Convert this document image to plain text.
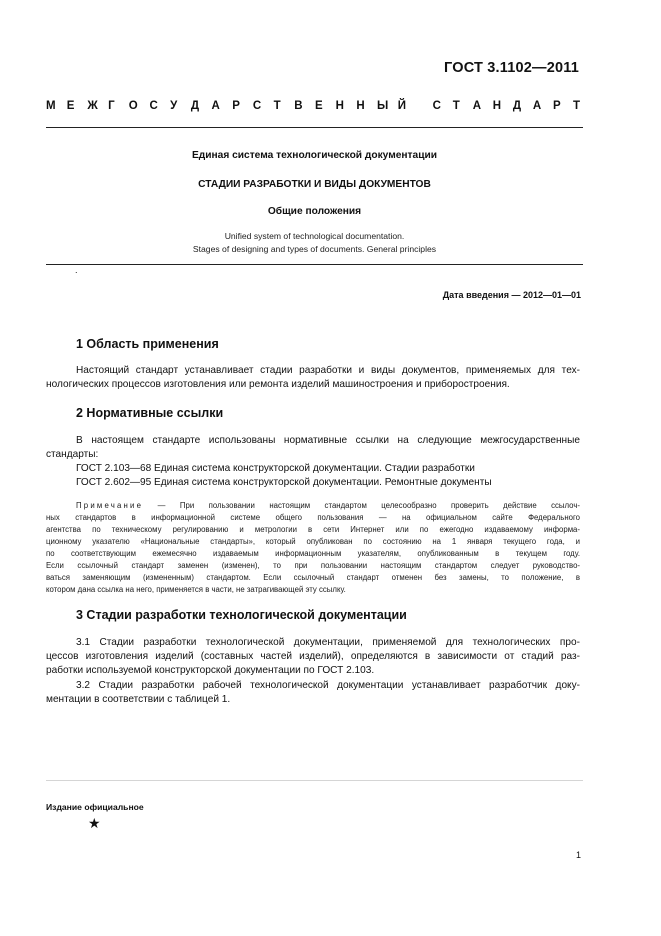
ГОСТ 3.1102—2011
М Е Ж Г О С У Д А Р С Т В Е Н Н Ы Й С Т А Н Д А Р Т
Единая система технологической документации
СТАДИИ РАЗРАБОТКИ И ВИДЫ ДОКУМЕНТОВ
Общие положения
Unified system of technological documentation.
Stages of designing and types of documents. General principles
.
Дата введения — 2012—01—01
1 Область применения
Настоящий стандарт устанавливает стадии разработки и виды документов, применяемых для тех-
нологических процессов изготовления или ремонта изделий машиностроения и приборостроения.
2 Нормативные ссылки
В настоящем стандарте использованы нормативные ссылки на следующие межгосударственные
стандарты:
ГОСТ 2.103—68 Единая система конструкторской документации. Стадии разработки
ГОСТ 2.602—95 Единая система конструкторской документации. Ремонтные документы
Примечание — При пользовании настоящим стандартом целесообразно проверить действие ссылоч-
ных стандартов в информационной системе общего пользования — на официальном сайте Федерального
агентства по техническому регулированию и метрологии в сети Интернет или по ежегодно издаваемому информа-
ционному указателю «Национальные стандарты», который опубликован по состоянию на 1 января текущего года, и
по соответствующим ежемесячно издаваемым информационным указателям, опубликованным в текущем году.
Если ссылочный стандарт заменен (изменен), то при пользовании настоящим стандартом следует руководство-
ваться заменяющим (измененным) стандартом. Если ссылочный стандарт отменен без замены, то положение, в
котором дана ссылка на него, применяется в части, не затрагивающей эту ссылку.
3 Стадии разработки технологической документации
3.1 Стадии разработки технологической документации, применяемой для технологических про-
цессов изготовления изделий (составных частей изделий), определяются в зависимости от стадий раз-
работки используемой конструкторской документации по ГОСТ 2.103.
3.2 Стадии разработки рабочей технологической документации устанавливает разработчик доку-
ментации в соответствии с таблицей 1.
Издание официальное
★
1
